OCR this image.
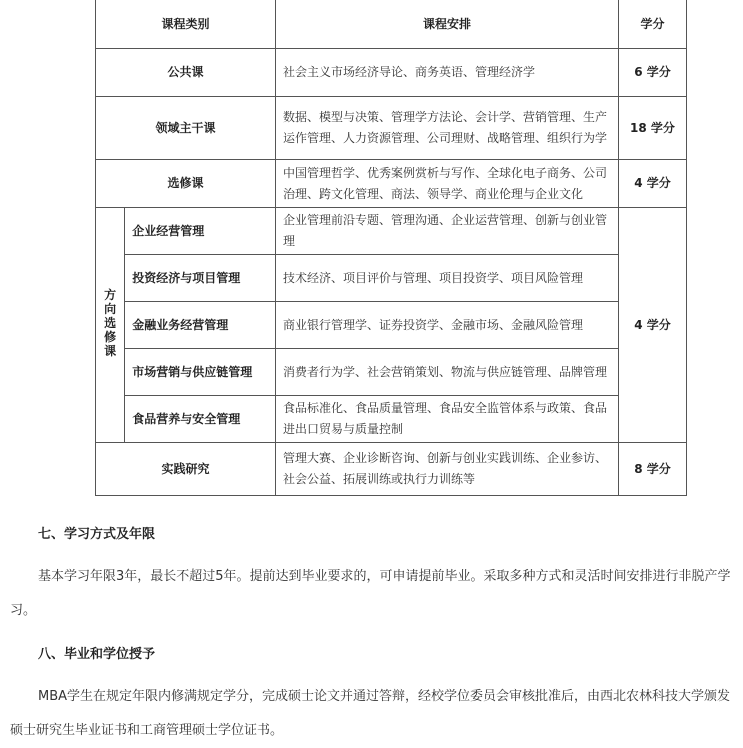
课程类别		课程安排	学分
公共课		社会主义市场经济导论、商务英语、管理经济学	6 学分
领域主干课		数据、模型与决策、管理学方法论、会计学、营销管理、生产运作管理、人力资源管理、公司理财、战略管理、组织行为学	18 学分
选修课		中国管理哲学、优秀案例赏析与写作、全球化电子商务、公司治理、跨文化管理、商法、领导学、商业伦理与企业文化	4 学分
方向选修课	企业经营管理	企业管理前沿专题、管理沟通、企业运营管理、创新与创业管理	4 学分
	投资经济与项目管理	技术经济、项目评价与管理、项目投资学、项目风险管理	
	金融业务经营管理	商业银行管理学、证券投资学、金融市场、金融风险管理	
	市场营销与供应链管理	消费者行为学、社会营销策划、物流与供应链管理、品牌管理	
	食品营养与安全管理	食品标准化、食品质量管理、食品安全监管体系与政策、食品进出口贸易与质量控制	
实践研究		管理大赛、企业诊断咨询、创新与创业实践训练、企业参访、社会公益、拓展训练或执行力训练等	8 学分
七、学习方式及年限
基本学习年限3年，最长不超过5年。提前达到毕业要求的，可申请提前毕业。采取多种方式和灵活时间安排进行非脱产学习。
八、毕业和学位授予
MBA学生在规定年限内修满规定学分，完成硕士论文并通过答辩，经校学位委员会审核批准后，由西北农林科技大学颁发硕士研究生毕业证书和工商管理硕士学位证书。
